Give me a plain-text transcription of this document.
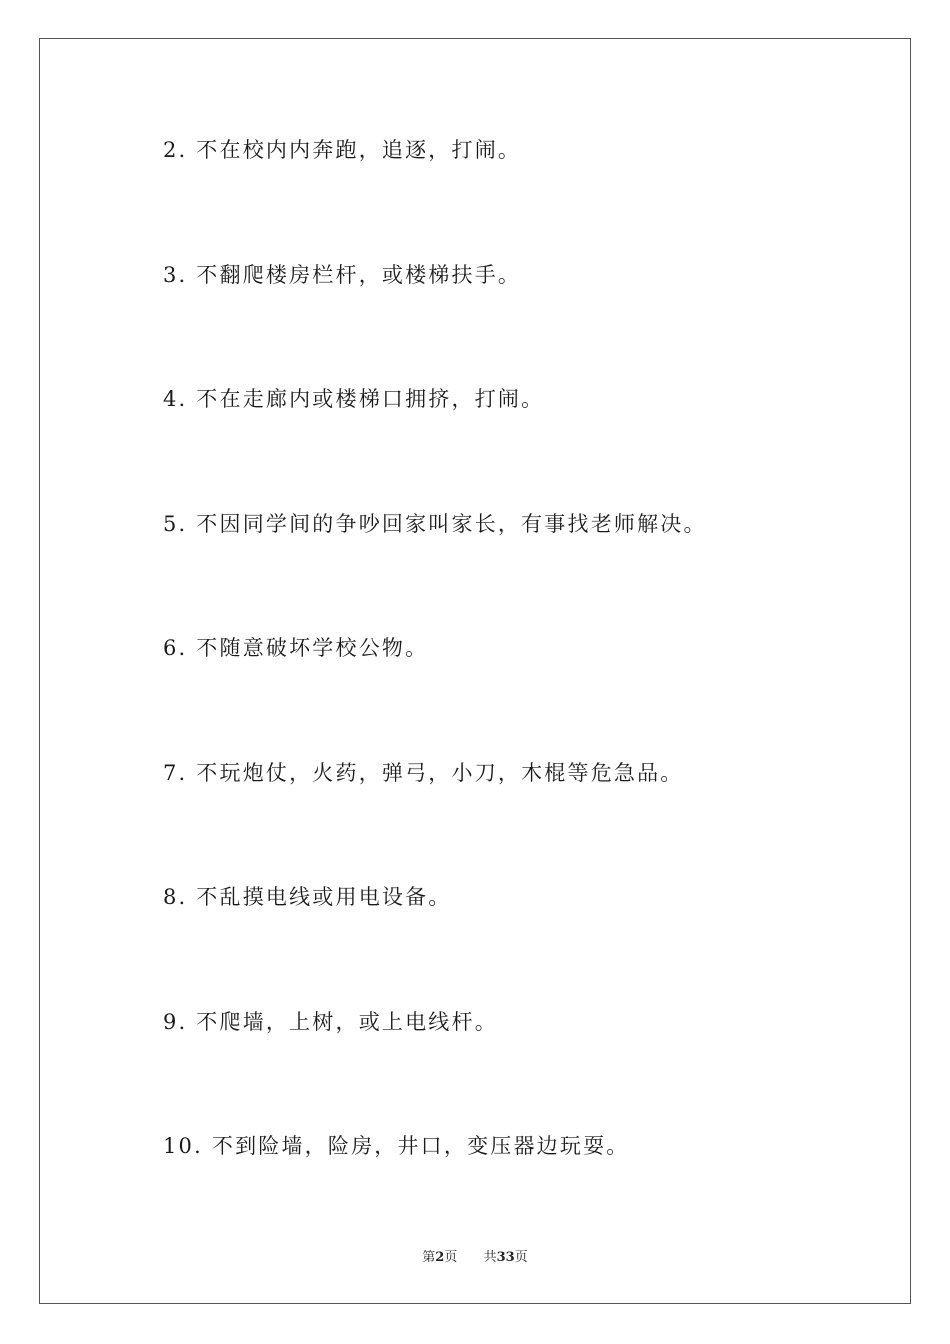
2. 不在校内内奔跑，追逐，打闹。
3. 不翻爬楼房栏杆，或楼梯扶手。
4. 不在走廊内或楼梯口拥挤，打闹。
5. 不因同学间的争吵回家叫家长，有事找老师解决。
6. 不随意破坏学校公物。
7. 不玩炮仗，火药，弹弓，小刀，木棍等危急品。
8. 不乱摸电线或用电设备。
9. 不爬墙，上树，或上电线杆。
10. 不到险墙，险房，井口，变压器边玩耍。
第2页 共33页
